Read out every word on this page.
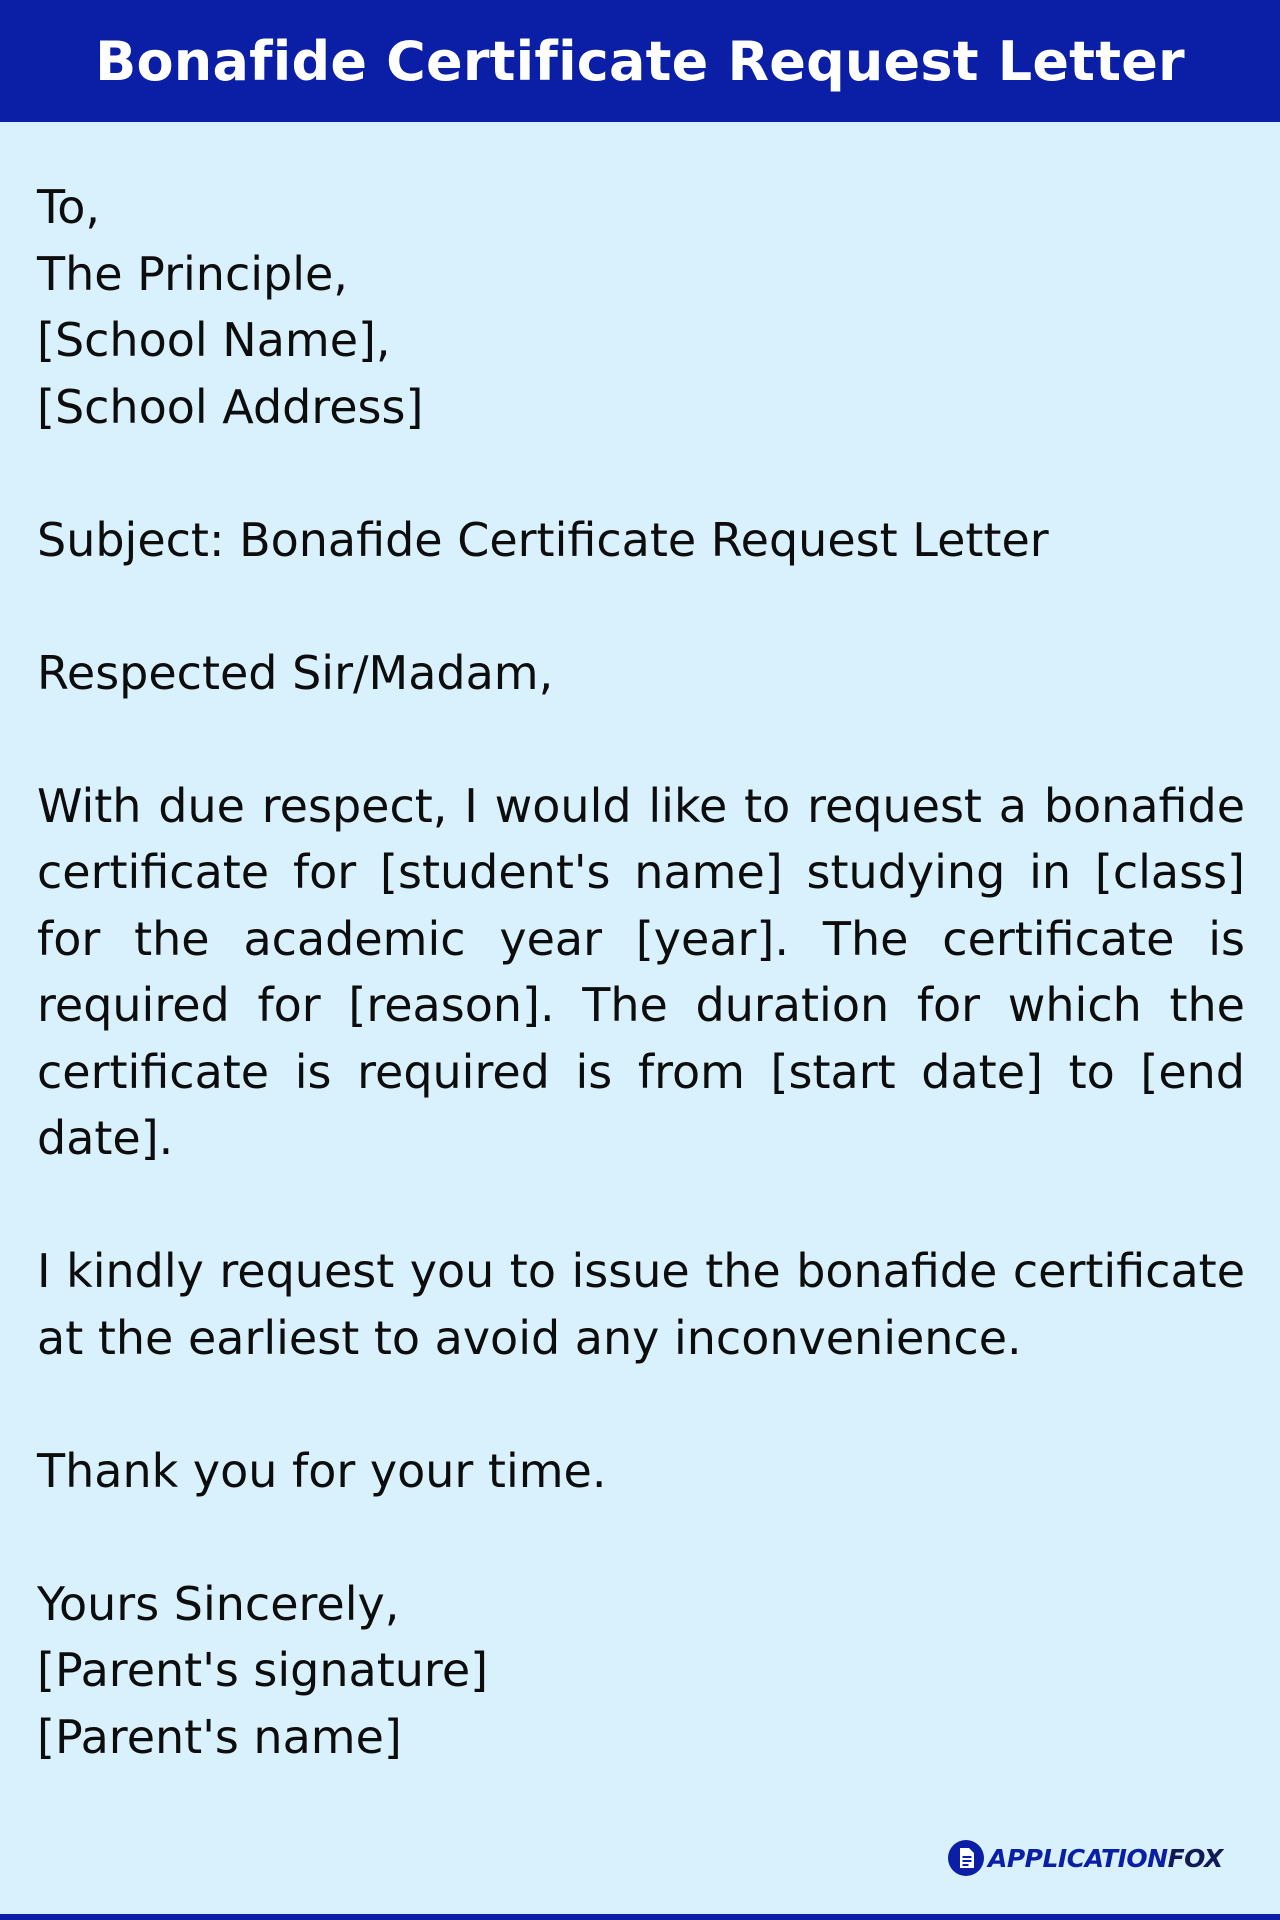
Bonafide Certificate Request Letter
To,
The Principle,
[School Name],
[School Address]
Subject: Bonafide Certificate Request Letter
Respected Sir/Madam,

With due respect, I would like to request a bonafide certificate for [student's name] studying in [class] for the academic year [year]. The certificate is required for [reason]. The duration for which the certificate is required is from [start date] to [end date].

I kindly request you to issue the bonafide certificate at the earliest to avoid any inconvenience.

Thank you for your time.
Yours Sincerely,
[Parent's signature]
[Parent's name]
APPLICATIONFOX
